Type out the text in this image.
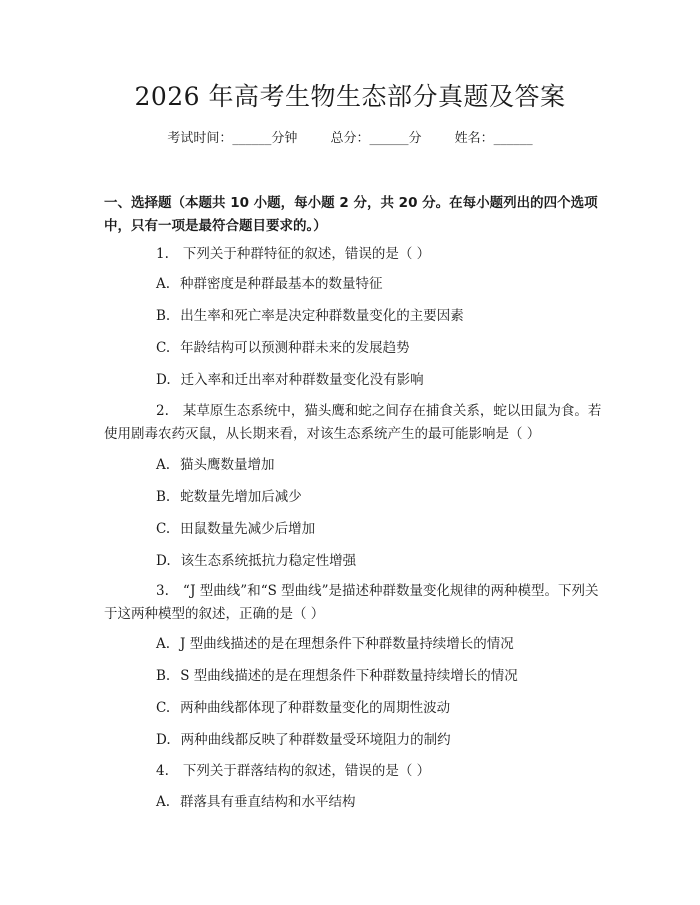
2026 年高考生物生态部分真题及答案
考试时间：______分钟	总分：______分	姓名：______
一、选择题（本题共 10 小题，每小题 2 分，共 20 分。在每小题列出的四个选项中，只有一项是最符合题目要求的。）
1. 下列关于种群特征的叙述，错误的是（ ）
A. 种群密度是种群最基本的数量特征
B. 出生率和死亡率是决定种群数量变化的主要因素
C. 年龄结构可以预测种群未来的发展趋势
D. 迁入率和迁出率对种群数量变化没有影响
2. 某草原生态系统中，猫头鹰和蛇之间存在捕食关系，蛇以田鼠为食。若使用剧毒农药灭鼠，从长期来看，对该生态系统产生的最可能影响是（ ）
A. 猫头鹰数量增加
B. 蛇数量先增加后减少
C. 田鼠数量先减少后增加
D. 该生态系统抵抗力稳定性增强
3. “J 型曲线”和“S 型曲线”是描述种群数量变化规律的两种模型。下列关于这两种模型的叙述，正确的是（ ）
A. J 型曲线描述的是在理想条件下种群数量持续增长的情况
B. S 型曲线描述的是在理想条件下种群数量持续增长的情况
C. 两种曲线都体现了种群数量变化的周期性波动
D. 两种曲线都反映了种群数量受环境阻力的制约
4. 下列关于群落结构的叙述，错误的是（ ）
A. 群落具有垂直结构和水平结构
